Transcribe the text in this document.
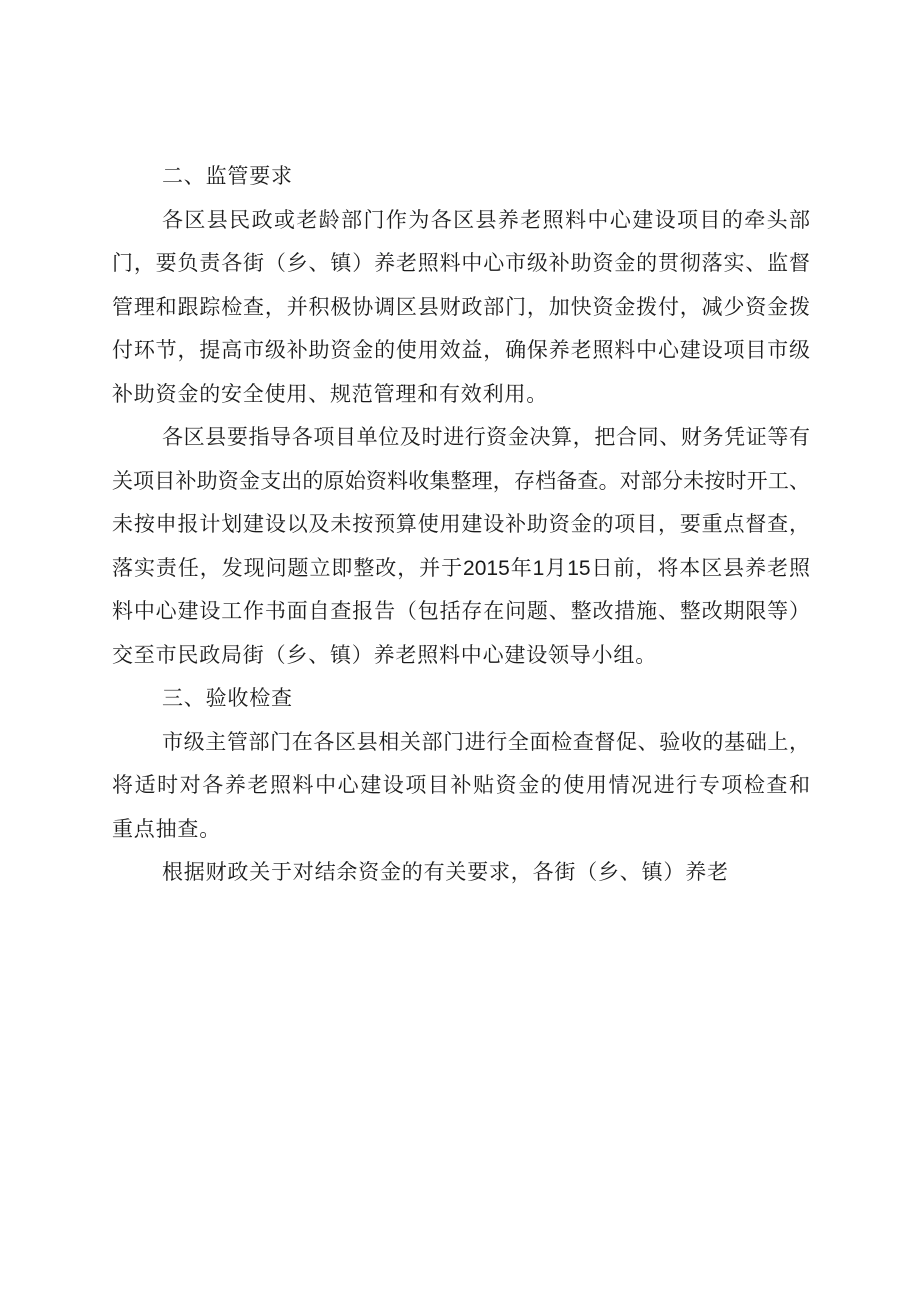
二、监管要求
各区县民政或老龄部门作为各区县养老照料中心建设项目的牵头部
门，要负责各街（乡、镇）养老照料中心市级补助资金的贯彻落实、监督
管理和跟踪检查，并积极协调区县财政部门，加快资金拨付，减少资金拨
付环节，提高市级补助资金的使用效益，确保养老照料中心建设项目市级
补助资金的安全使用、规范管理和有效利用。
各区县要指导各项目单位及时进行资金决算，把合同、财务凭证等有
关项目补助资金支出的原始资料收集整理，存档备查。对部分未按时开工、
未按申报计划建设以及未按预算使用建设补助资金的项目，要重点督查，
落实责任，发现问题立即整改，并于2015年1月15日前，将本区县养老照
料中心建设工作书面自查报告（包括存在问题、整改措施、整改期限等）
交至市民政局街（乡、镇）养老照料中心建设领导小组。
三、验收检查
市级主管部门在各区县相关部门进行全面检查督促、验收的基础上，
将适时对各养老照料中心建设项目补贴资金的使用情况进行专项检查和
重点抽查。
根据财政关于对结余资金的有关要求，各街（乡、镇）养老
